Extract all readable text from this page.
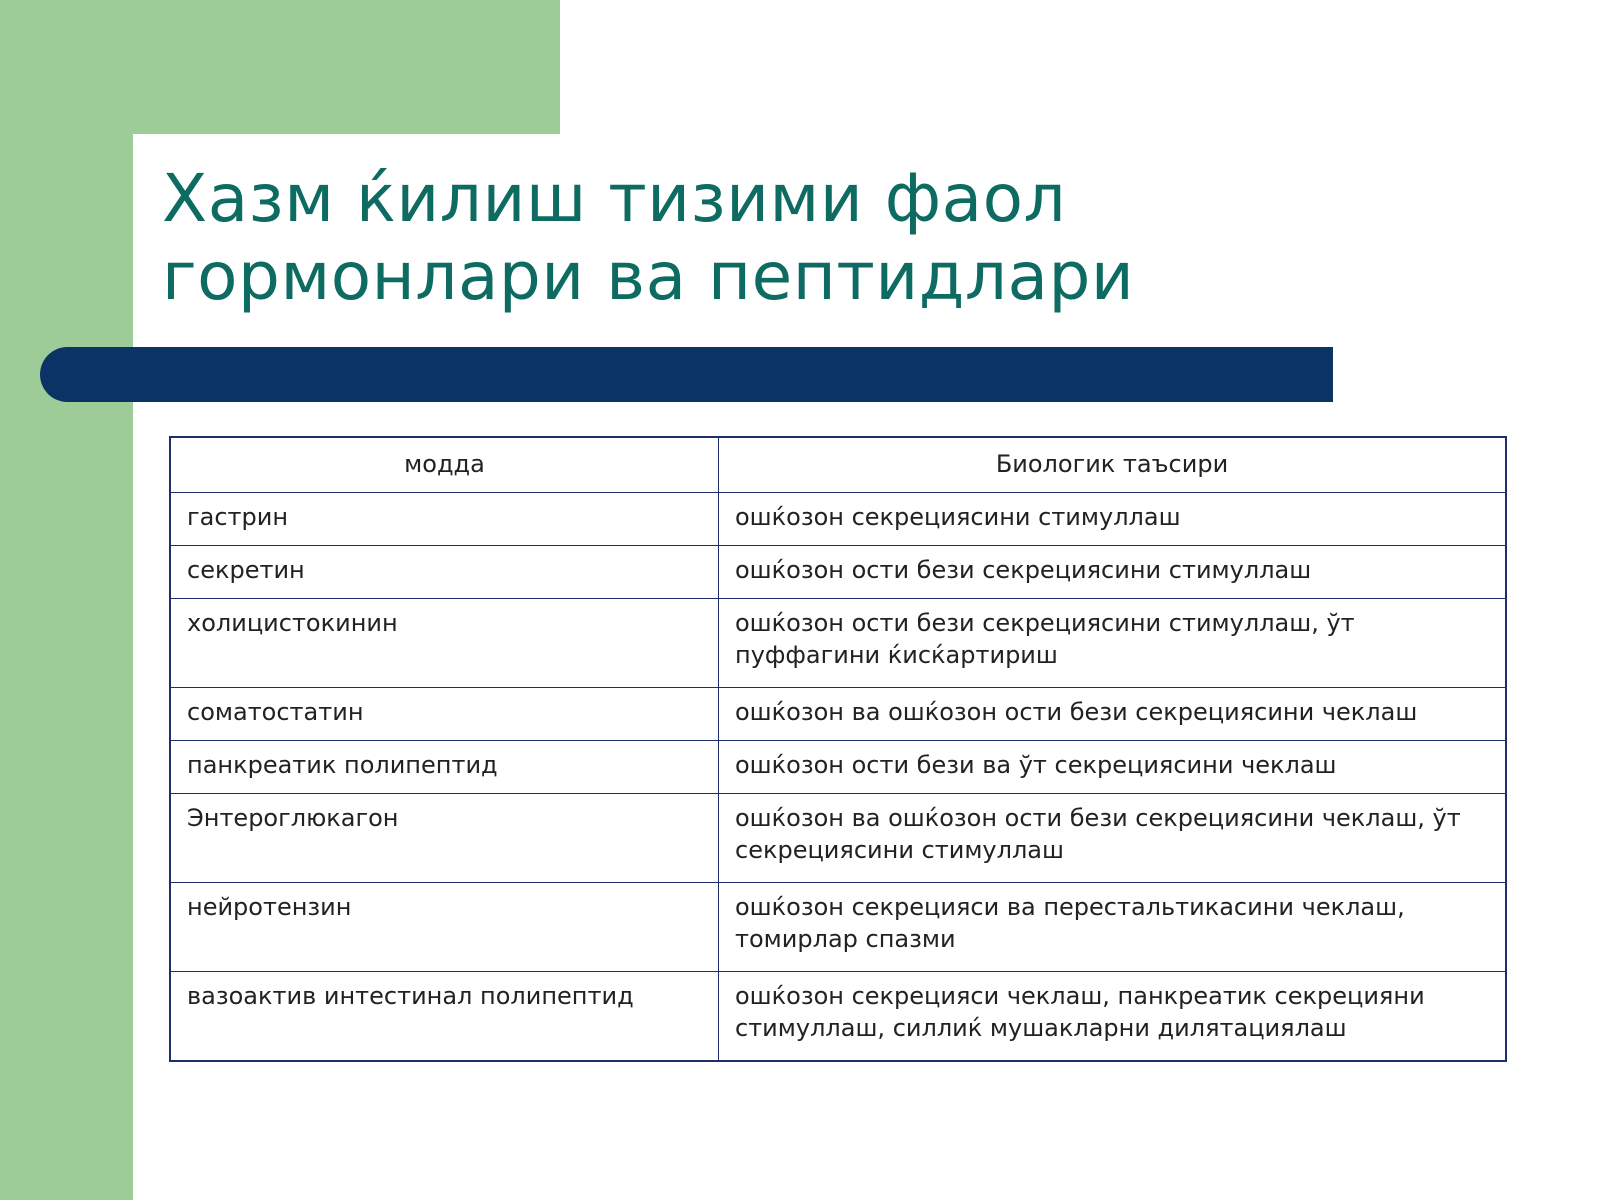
Хазм ќилиш тизими фаол
гормонлари ва пептидлари
модда	Биологик таъсири
гастрин	ошќозон секрециясини стимуллаш
секретин	ошќозон ости бези секрециясини стимуллаш
холицистокинин	ошќозон ости бези секрециясини стимуллаш, ўт пуффагини ќисќартириш
соматостатин	ошќозон ва ошќозон ости бези секрециясини чеклаш
панкреатик полипептид	ошќозон ости бези ва ўт секрециясини чеклаш
Энтероглюкагон	ошќозон ва ошќозон ости бези секрециясини чеклаш, ўт секрециясини стимуллаш
нейротензин	ошќозон секрецияси ва перестальтикасини чеклаш, томирлар спазми
вазоактив интестинал полипептид	ошќозон секрецияси чеклаш, панкреатик секрецияни стимуллаш, силлиќ мушакларни дилятациялаш
